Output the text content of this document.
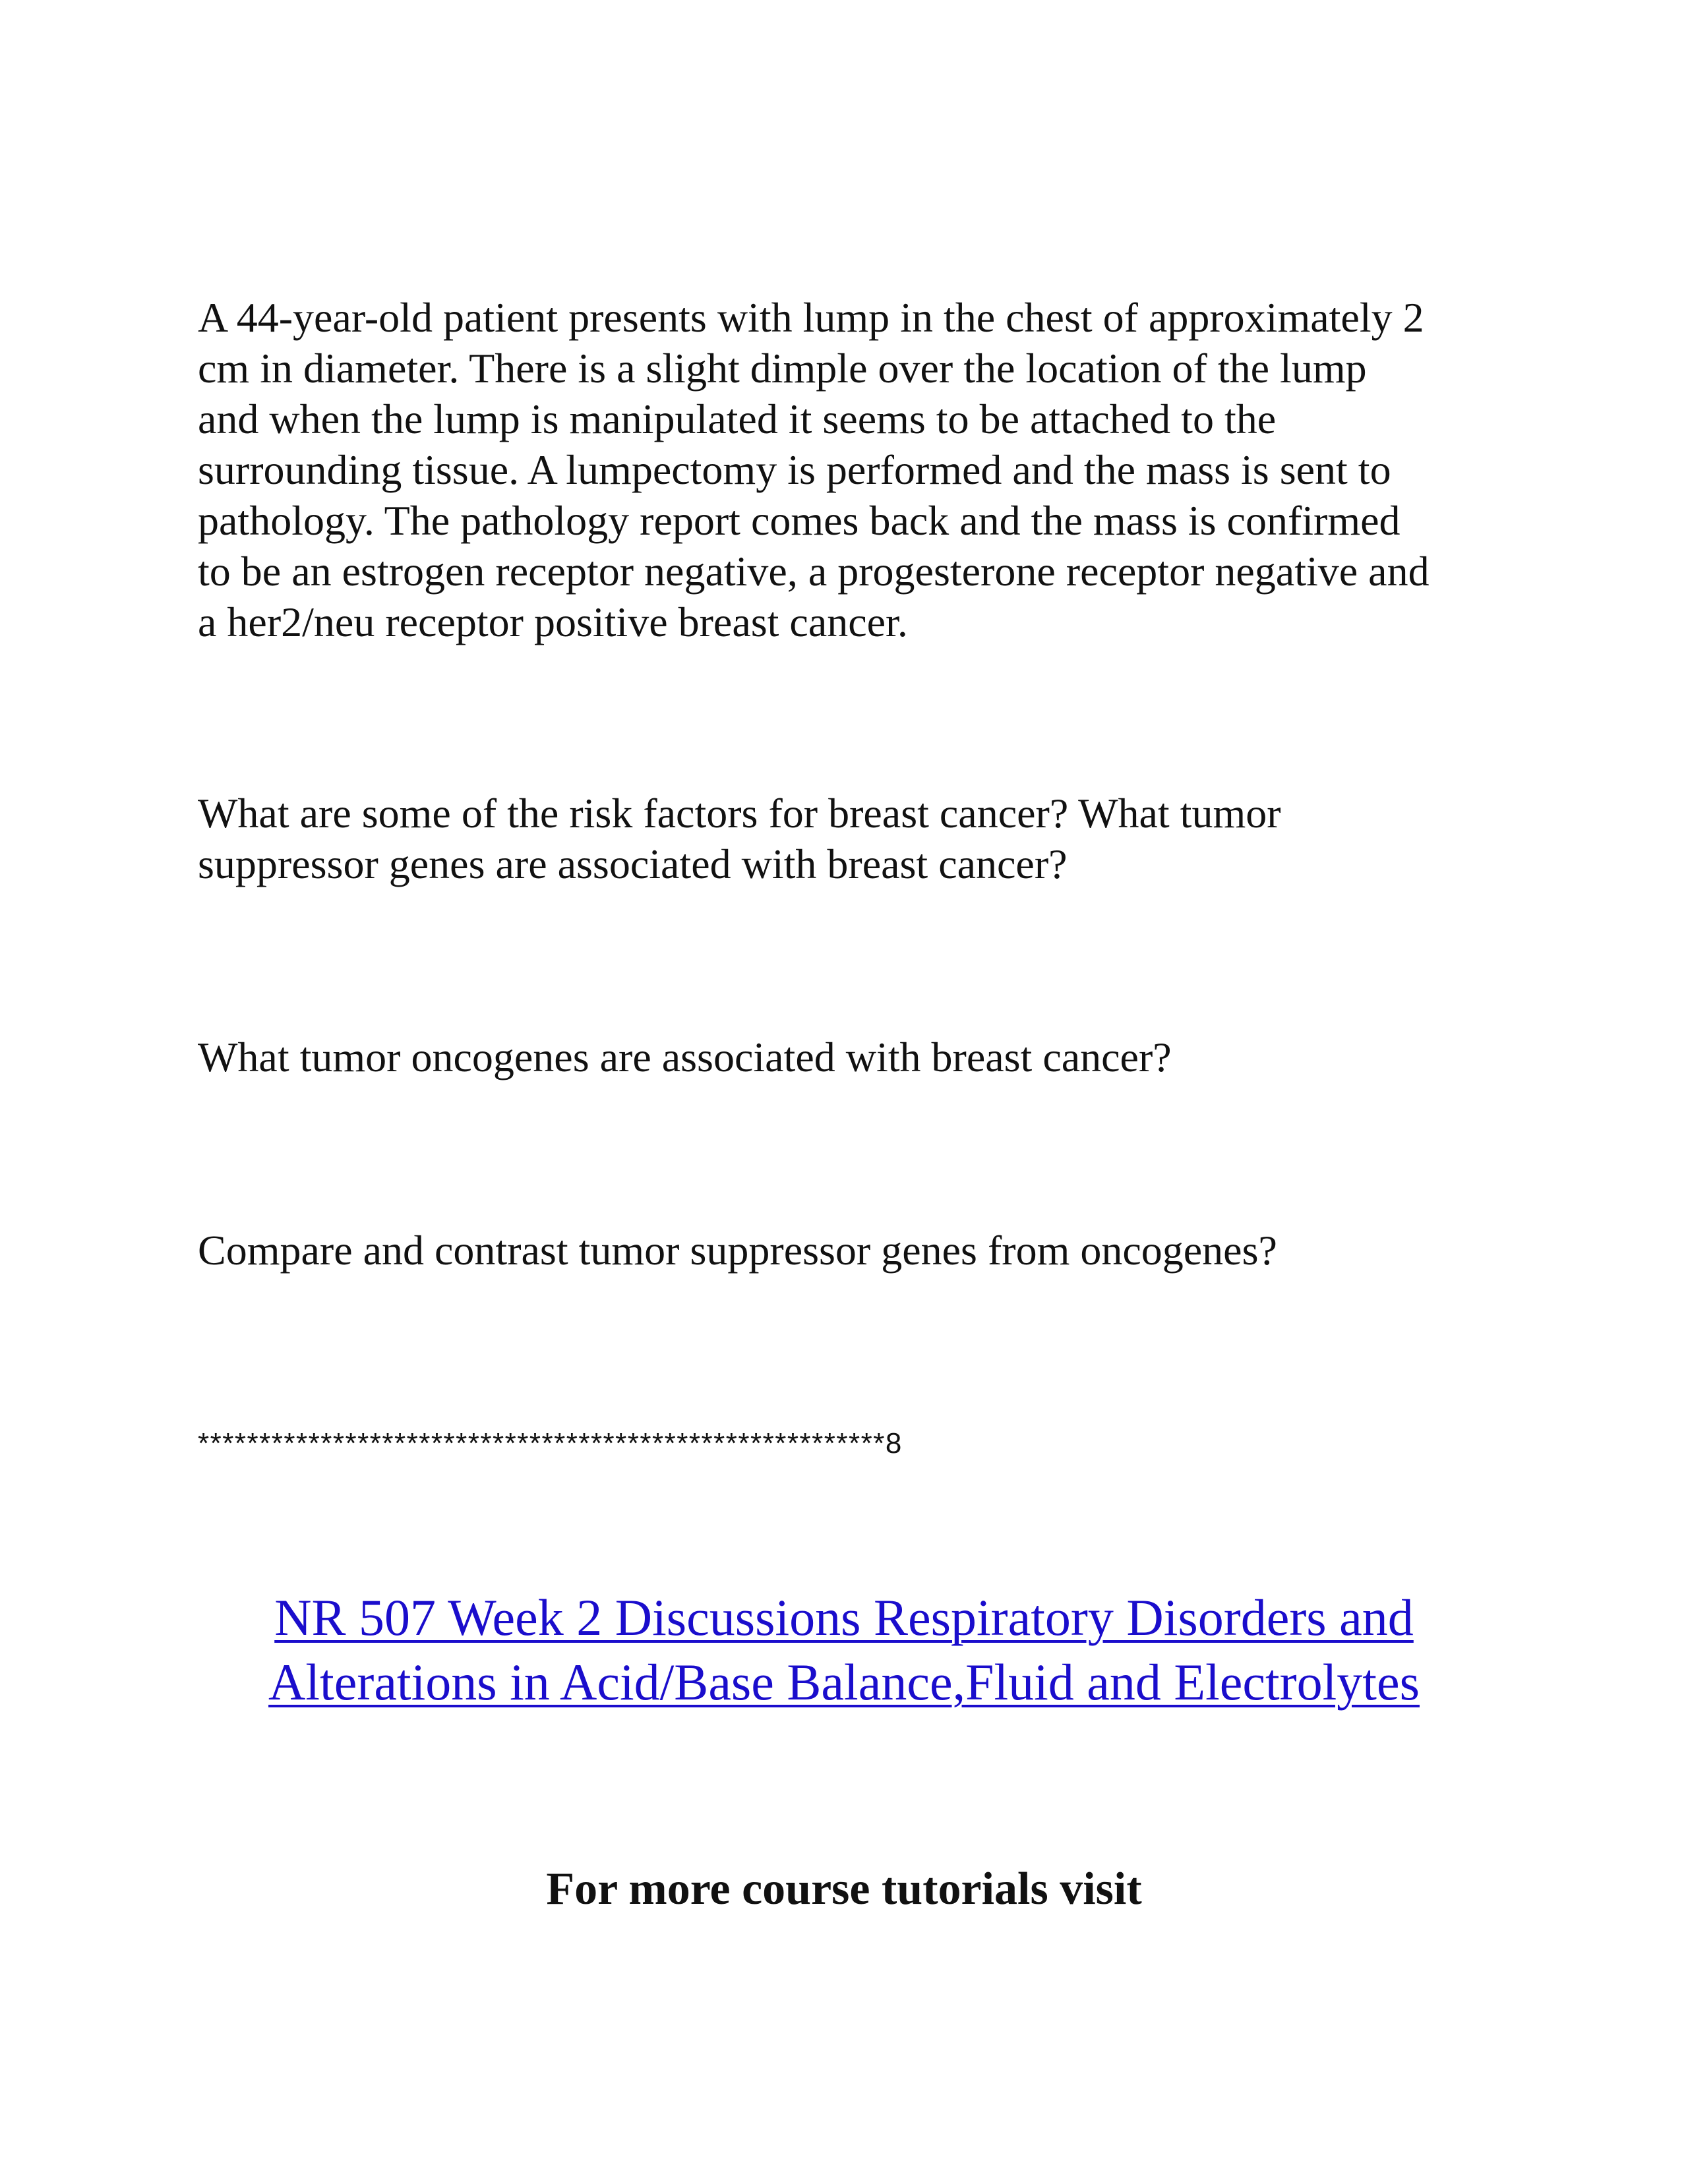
A 44-year-old patient presents with lump in the chest of approximately 2
cm in diameter. There is a slight dimple over the location of the lump
and when the lump is manipulated it seems to be attached to the
surrounding tissue. A lumpectomy is performed and the mass is sent to
pathology. The pathology report comes back and the mass is confirmed
to be an estrogen receptor negative, a progesterone receptor negative and
a her2/neu receptor positive breast cancer.

What are some of the risk factors for breast cancer? What tumor
suppressor genes are associated with breast cancer?

What tumor oncogenes are associated with breast cancer?

Compare and contrast tumor suppressor genes from oncogenes?

********************************************************8

NR 507 Week 2 Discussions Respiratory Disorders and
Alterations in Acid/Base Balance,Fluid and Electrolytes

For more course tutorials visit
